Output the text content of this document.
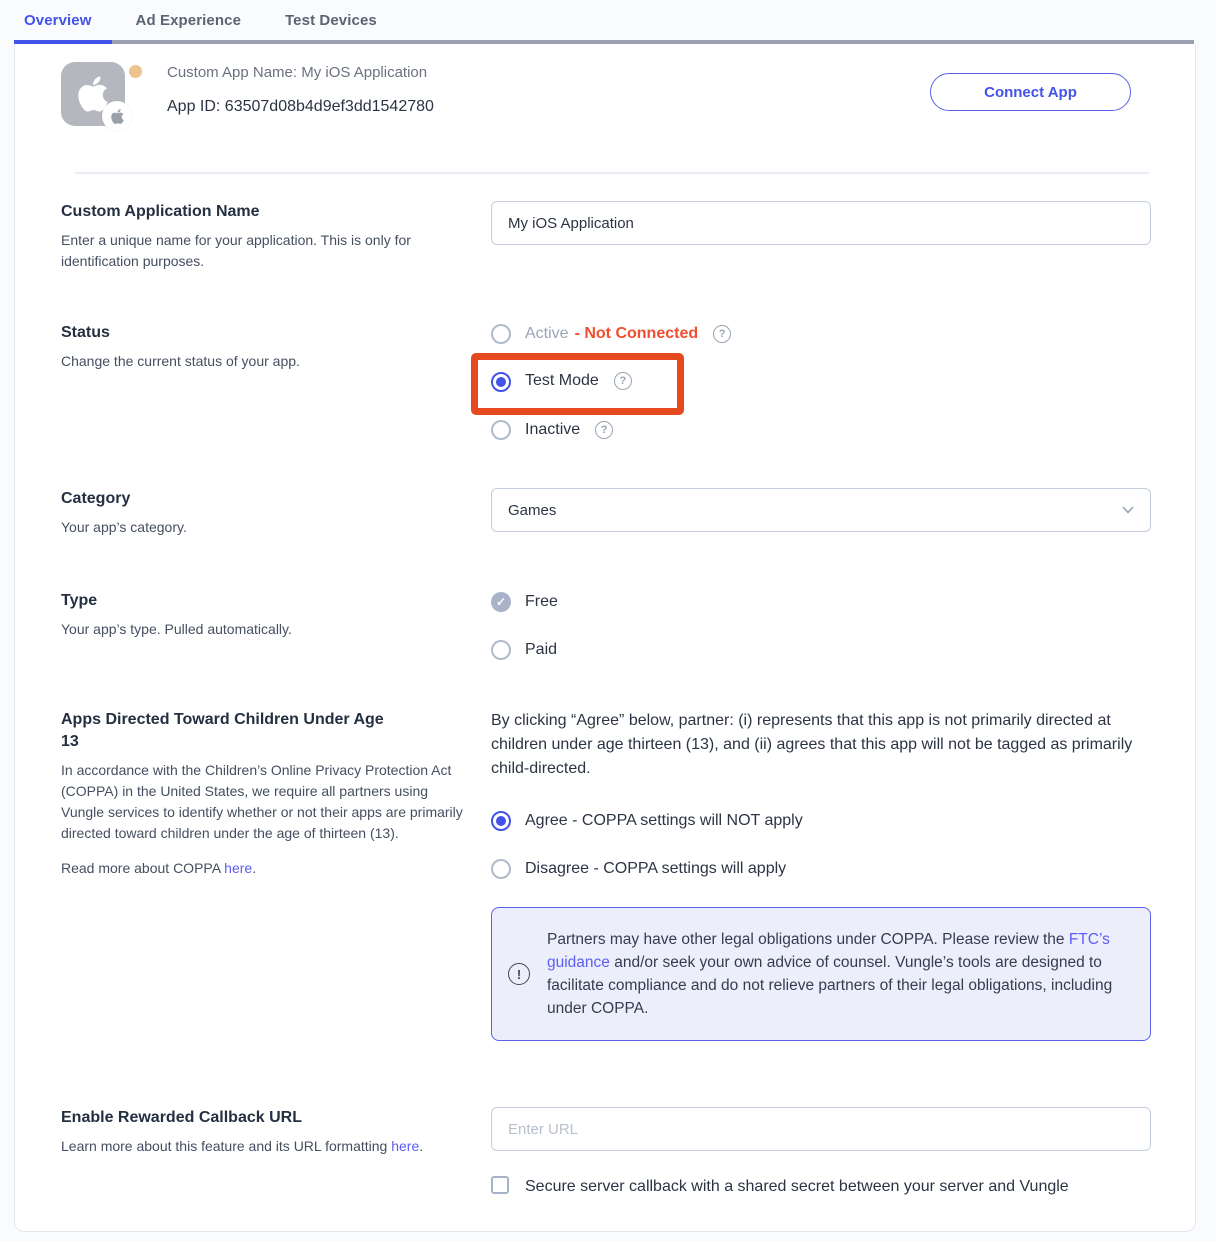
Overview	Ad Experience	Test Devices
Custom App Name: My iOS Application
App ID: 63507d08b4d9ef3dd1542780
Connect App
Custom Application Name
Enter a unique name for your application. This is only for identification purposes.
My iOS Application
Status
Change the current status of your app.
Active - Not Connected	?
Test Mode	?
Inactive	?
Category
Your app’s category.
Games
Type
Your app’s type. Pulled automatically.
✓	Free
Paid
Apps Directed Toward Children Under Age 13
In accordance with the Children’s Online Privacy Protection Act (COPPA) in the United States, we require all partners using Vungle services to identify whether or not their apps are primarily directed toward children under the age of thirteen (13).
Read more about COPPA here.
By clicking “Agree” below, partner: (i) represents that this app is not primarily directed at children under age thirteen (13), and (ii) agrees that this app will not be tagged as primarily child-directed.
Agree - COPPA settings will NOT apply
Disagree - COPPA settings will apply
!
Partners may have other legal obligations under COPPA. Please review the FTC’s guidance and/or seek your own advice of counsel. Vungle’s tools are designed to facilitate compliance and do not relieve partners of their legal obligations, including under COPPA.
Enable Rewarded Callback URL
Learn more about this feature and its URL formatting here.
Enter URL
Secure server callback with a shared secret between your server and Vungle
